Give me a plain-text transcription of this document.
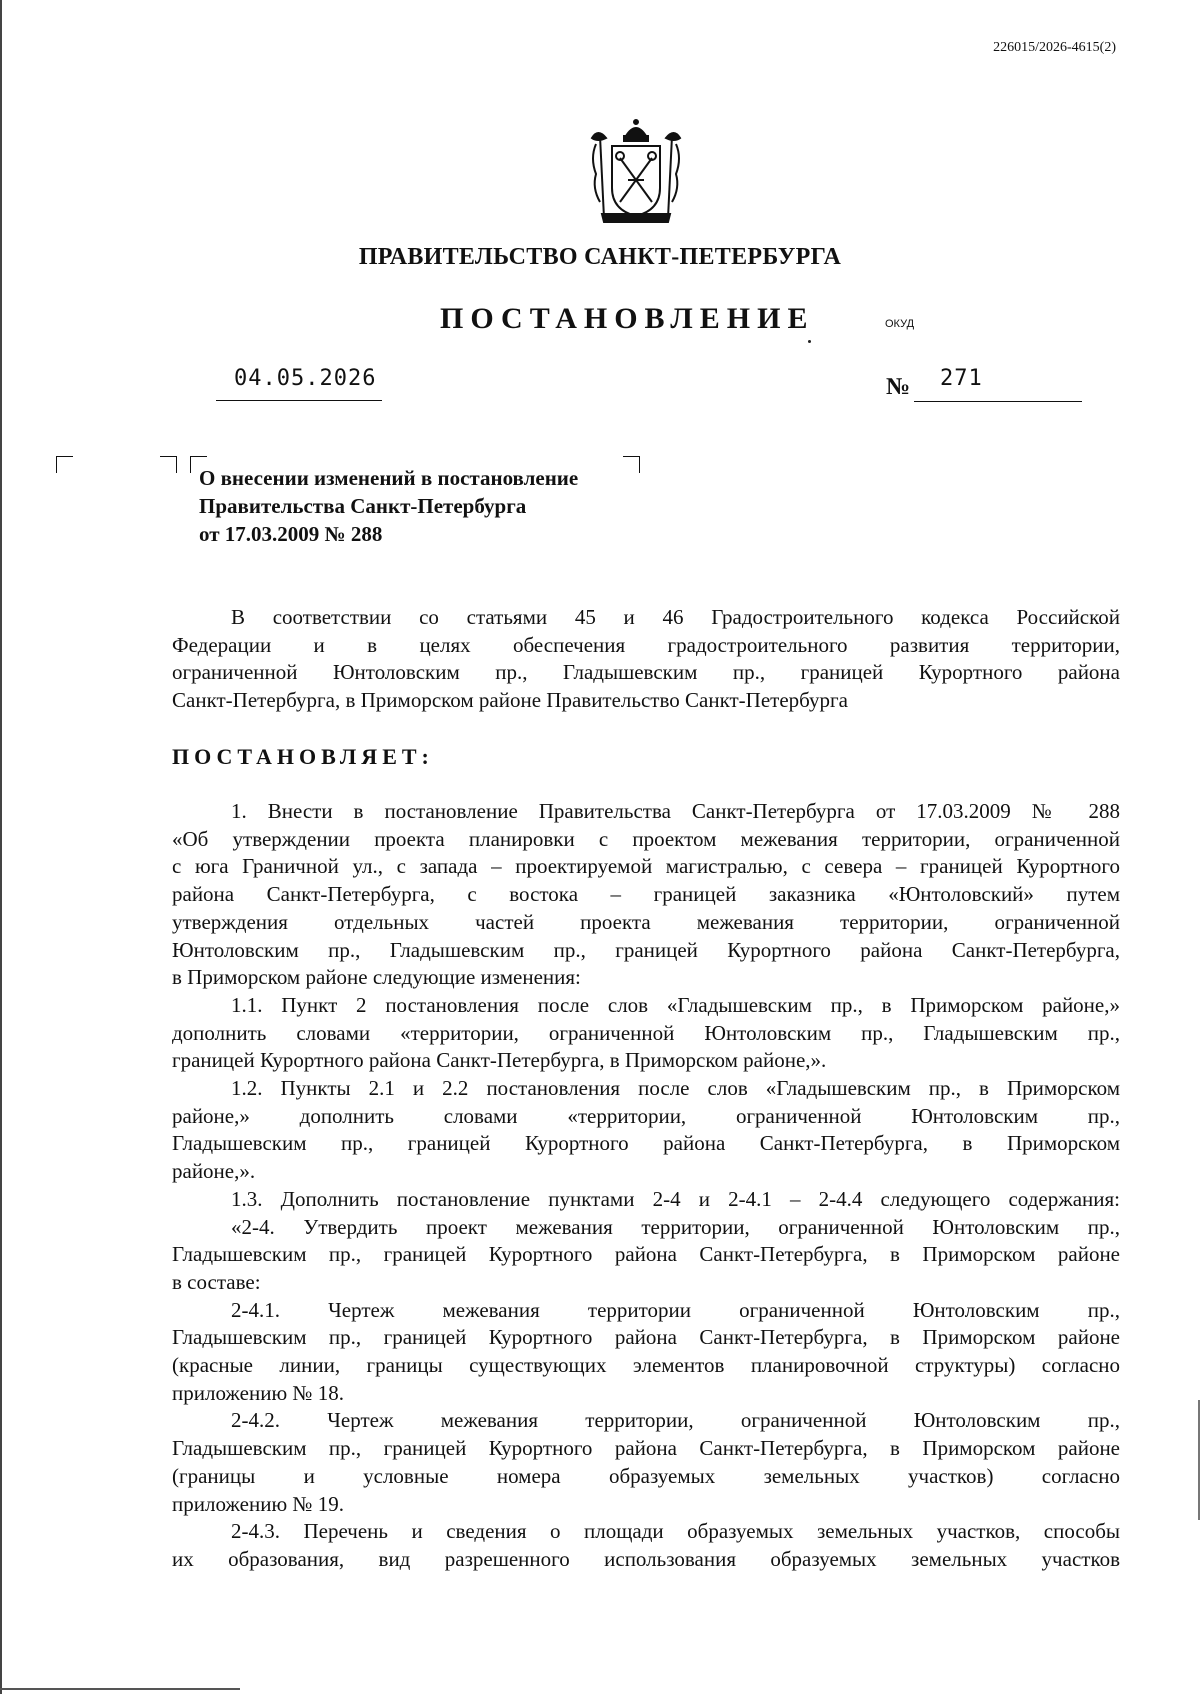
226015/2026-4615(2)
ПРАВИТЕЛЬСТВО САНКТ-ПЕТЕРБУРГА
ПОСТАНОВЛЕНИЕ	ОКУД
04.05.2026	№ 271
О внесении изменений в постановление
Правительства Санкт-Петербурга
от 17.03.2009 № 288

В соответствии со статьями 45 и 46 Градостроительного кодекса Российской

Федерации и в целях обеспечения градостроительного развития территории,

ограниченной Юнтоловским пр., Гладышевским пр., границей Курортного района

Санкт-Петербурга, в Приморском районе Правительство Санкт-Петербурга

ПОСТАНОВЛЯЕТ:

1. Внести в постановление Правительства Санкт-Петербурга от 17.03.2009 № 288

«Об утверждении проекта планировки с проектом межевания территории, ограниченной

с юга Граничной ул., с запада – проектируемой магистралью, с севера – границей Курортного

района Санкт-Петербурга, с востока – границей заказника «Юнтоловский» путем

утверждения отдельных частей проекта межевания территории, ограниченной

Юнтоловским пр., Гладышевским пр., границей Курортного района Санкт-Петербурга,

в Приморском районе следующие изменения:

1.1. Пункт 2 постановления после слов «Гладышевским пр., в Приморском районе,»

дополнить словами «территории, ограниченной Юнтоловским пр., Гладышевским пр.,

границей Курортного района Санкт-Петербурга, в Приморском районе,».

1.2. Пункты 2.1 и 2.2 постановления после слов «Гладышевским пр., в Приморском

районе,» дополнить словами «территории, ограниченной Юнтоловским пр.,

Гладышевским пр., границей Курортного района Санкт-Петербурга, в Приморском

районе,».

1.3. Дополнить постановление пунктами 2-4 и 2-4.1 – 2-4.4 следующего содержания:

«2-4. Утвердить проект межевания территории, ограниченной Юнтоловским пр.,

Гладышевским пр., границей Курортного района Санкт-Петербурга, в Приморском районе

в составе:

2-4.1. Чертеж межевания территории ограниченной Юнтоловским пр.,

Гладышевским пр., границей Курортного района Санкт-Петербурга, в Приморском районе

(красные линии, границы существующих элементов планировочной структуры) согласно

приложению № 18.

2-4.2. Чертеж межевания территории, ограниченной Юнтоловским пр.,

Гладышевским пр., границей Курортного района Санкт-Петербурга, в Приморском районе

(границы и условные номера образуемых земельных участков) согласно

приложению № 19.

2-4.3. Перечень и сведения о площади образуемых земельных участков, способы

их образования, вид разрешенного использования образуемых земельных участков
